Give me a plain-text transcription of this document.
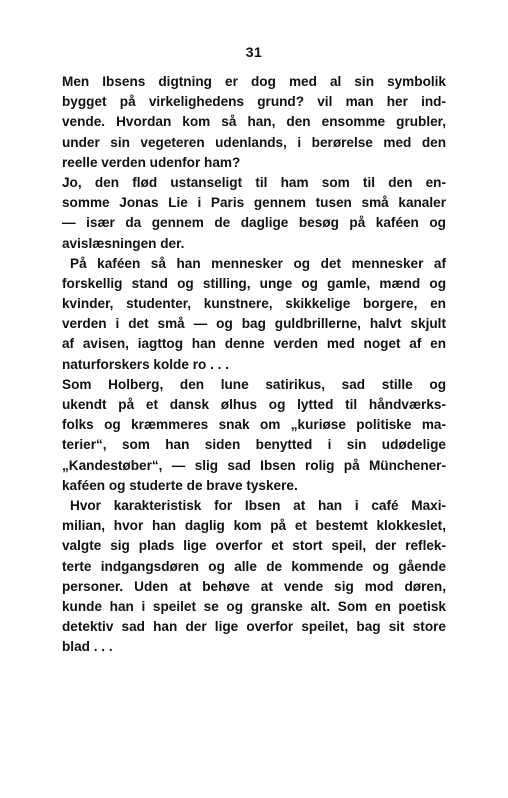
31
Men Ibsens digtning er dog med al sin symbolik
bygget på virkelighedens grund? vil man her ind-
vende. Hvordan kom så han, den ensomme grubler,
under sin vegeteren udenlands, i berørelse med den
reelle verden udenfor ham?
Jo, den flød ustanseligt til ham som til den en-
somme Jonas Lie i Paris gennem tusen små kanaler
— især da gennem de daglige besøg på kaféen og
avislæsningen der.
På kaféen så han mennesker og det mennesker af
forskellig stand og stilling, unge og gamle, mænd og
kvinder, studenter, kunstnere, skikkelige borgere, en
verden i det små — og bag guldbrillerne, halvt skjult
af avisen, iagttog han denne verden med noget af en
naturforskers kolde ro . . .
Som Holberg, den lune satirikus, sad stille og
ukendt på et dansk ølhus og lytted til håndværks-
folks og kræmmeres snak om „kuriøse politiske ma-
terier“, som han siden benytted i sin udødelige
„Kandestøber“, — slig sad Ibsen rolig på Münchener-
kaféen og studerte de brave tyskere.
Hvor karakteristisk for Ibsen at han i café Maxi-
milian, hvor han daglig kom på et bestemt klokkeslet,
valgte sig plads lige overfor et stort speil, der reflek-
terte indgangsdøren og alle de kommende og gående
personer. Uden at behøve at vende sig mod døren,
kunde han i speilet se og granske alt. Som en poetisk
detektiv sad han der lige overfor speilet, bag sit store
blad . . .
